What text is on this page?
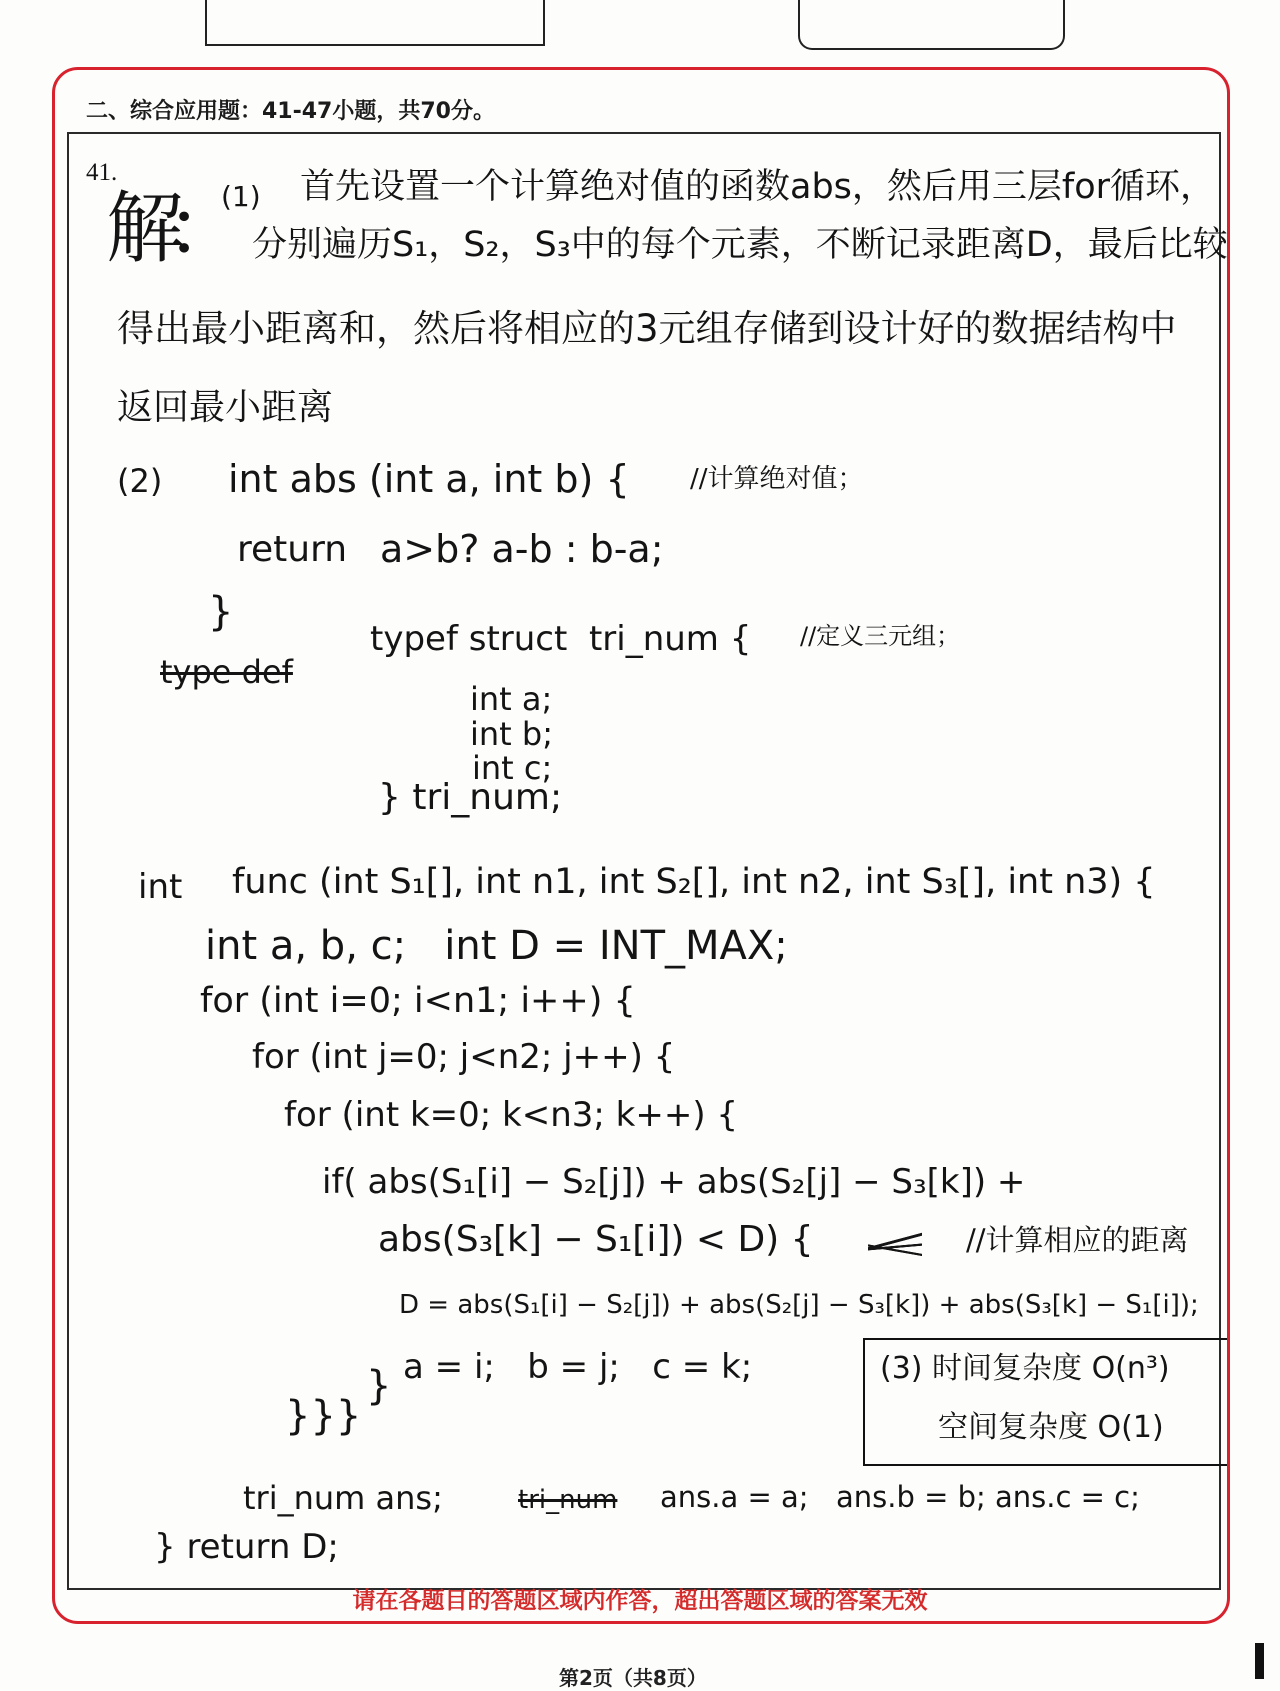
二、综合应用题：41-47小题，共70分。
41.
解：
(1) 首先设置一个计算绝对值的函数abs，然后用三层for循环，
分别遍历S₁，S₂，S₃中的每个元素，不断记录距离D，最后比较
得出最小距离和，然后将相应的3元组存储到设计好的数据结构中
返回最小距离
(2) int abs (int a, int b) { //计算绝对值；
return a>b? a-b : b-a;
}
typef struct  tri_num { //定义三元组；
type def
int a;
int b;
int c;
} tri_num;
int func (int S₁[], int n1, int S₂[], int n2, int S₃[], int n3) {
int a, b, c;   int D = INT_MAX;
for (int i=0; i<n1; i++) {
for (int j=0; j<n2; j++) {
for (int k=0; k<n3; k++) {
if( abs(S₁[i] − S₂[j]) + abs(S₂[j] − S₃[k]) +
abs(S₃[k] − S₁[i]) < D) {	//计算相应的距离
D = abs(S₁[i] − S₂[j]) + abs(S₂[j] − S₃[k]) + abs(S₃[k] − S₁[i]);
a = i;   b = j;   c = k;
}
}}}
(3) 时间复杂度 O(n³)
空间复杂度 O(1)
tri_num ans;	tri_num ans.a = a; ans.b = b; ans.c = c;
} return D;
请在各题目的答题区域内作答，超出答题区域的答案无效
第2页（共8页）
